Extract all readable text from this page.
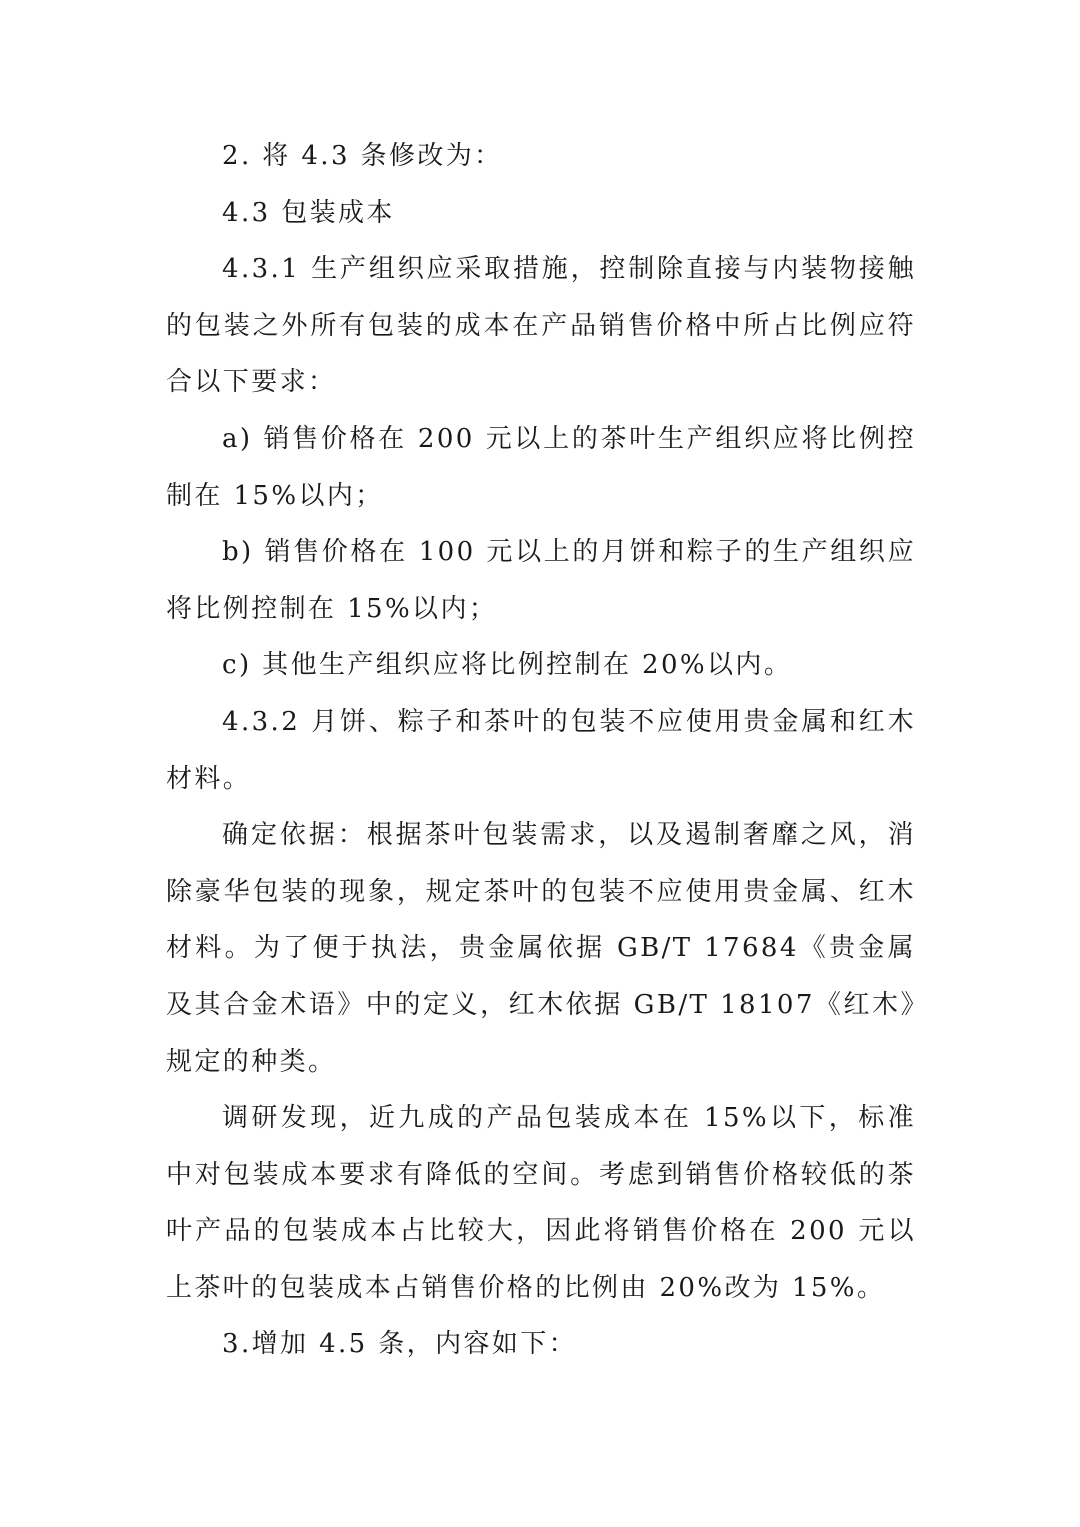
2. 将 4.3 条修改为：

4.3 包装成本

4.3.1 生产组织应采取措施，控制除直接与内装物接触的包装之外所有包装的成本在产品销售价格中所占比例应符合以下要求：

a) 销售价格在 200 元以上的茶叶生产组织应将比例控制在 15%以内；

b) 销售价格在 100 元以上的月饼和粽子的生产组织应将比例控制在 15%以内；

c) 其他生产组织应将比例控制在 20%以内。

4.3.2 月饼、粽子和茶叶的包装不应使用贵金属和红木材料。

确定依据：根据茶叶包装需求，以及遏制奢靡之风，消除豪华包装的现象，规定茶叶的包装不应使用贵金属、红木材料。为了便于执法，贵金属依据 GB/T 17684《贵金属及其合金术语》中的定义，红木依据 GB/T 18107《红木》规定的种类。

调研发现，近九成的产品包装成本在 15%以下，标准中对包装成本要求有降低的空间。考虑到销售价格较低的茶叶产品的包装成本占比较大，因此将销售价格在 200 元以上茶叶的包装成本占销售价格的比例由 20%改为 15%。

3.增加 4.5 条，内容如下：
